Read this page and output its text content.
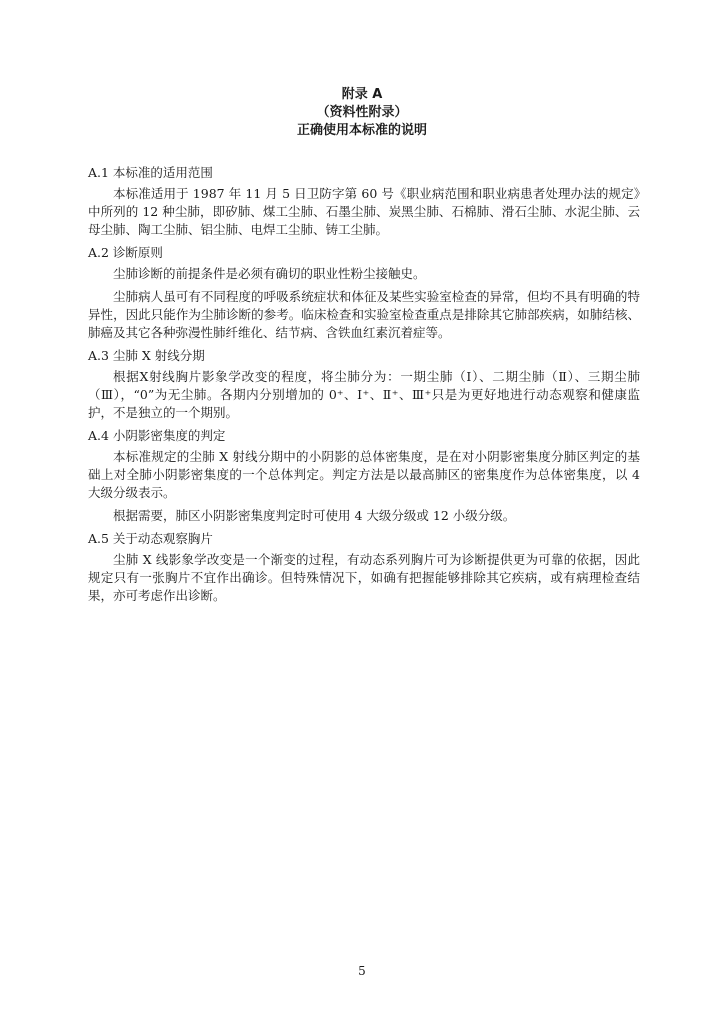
附录 A
（资料性附录）
正确使用本标准的说明
A.1 本标准的适用范围

本标准适用于 1987 年 11 月 5 日卫防字第 60 号《职业病范围和职业病患者处理办法的规定》中所列的 12 种尘肺，即矽肺、煤工尘肺、石墨尘肺、炭黑尘肺、石棉肺、滑石尘肺、水泥尘肺、云母尘肺、陶工尘肺、铝尘肺、电焊工尘肺、铸工尘肺。

A.2 诊断原则

尘肺诊断的前提条件是必须有确切的职业性粉尘接触史。

尘肺病人虽可有不同程度的呼吸系统症状和体征及某些实验室检查的异常，但均不具有明确的特异性，因此只能作为尘肺诊断的参考。临床检查和实验室检查重点是排除其它肺部疾病，如肺结核、肺癌及其它各种弥漫性肺纤维化、结节病、含铁血红素沉着症等。

A.3 尘肺 X 射线分期

根据X射线胸片影象学改变的程度，将尘肺分为：一期尘肺（Ⅰ）、二期尘肺（Ⅱ）、三期尘肺（Ⅲ），“0”为无尘肺。各期内分别增加的 0⁺、Ⅰ⁺、Ⅱ⁺、Ⅲ⁺只是为更好地进行动态观察和健康监护，不是独立的一个期别。

A.4 小阴影密集度的判定

本标准规定的尘肺 X 射线分期中的小阴影的总体密集度，是在对小阴影密集度分肺区判定的基础上对全肺小阴影密集度的一个总体判定。判定方法是以最高肺区的密集度作为总体密集度，以 4 大级分级表示。

根据需要，肺区小阴影密集度判定时可使用 4 大级分级或 12 小级分级。

A.5 关于动态观察胸片

尘肺 X 线影象学改变是一个渐变的过程，有动态系列胸片可为诊断提供更为可靠的依据，因此规定只有一张胸片不宜作出确诊。但特殊情况下，如确有把握能够排除其它疾病，或有病理检查结果，亦可考虑作出诊断。

5
